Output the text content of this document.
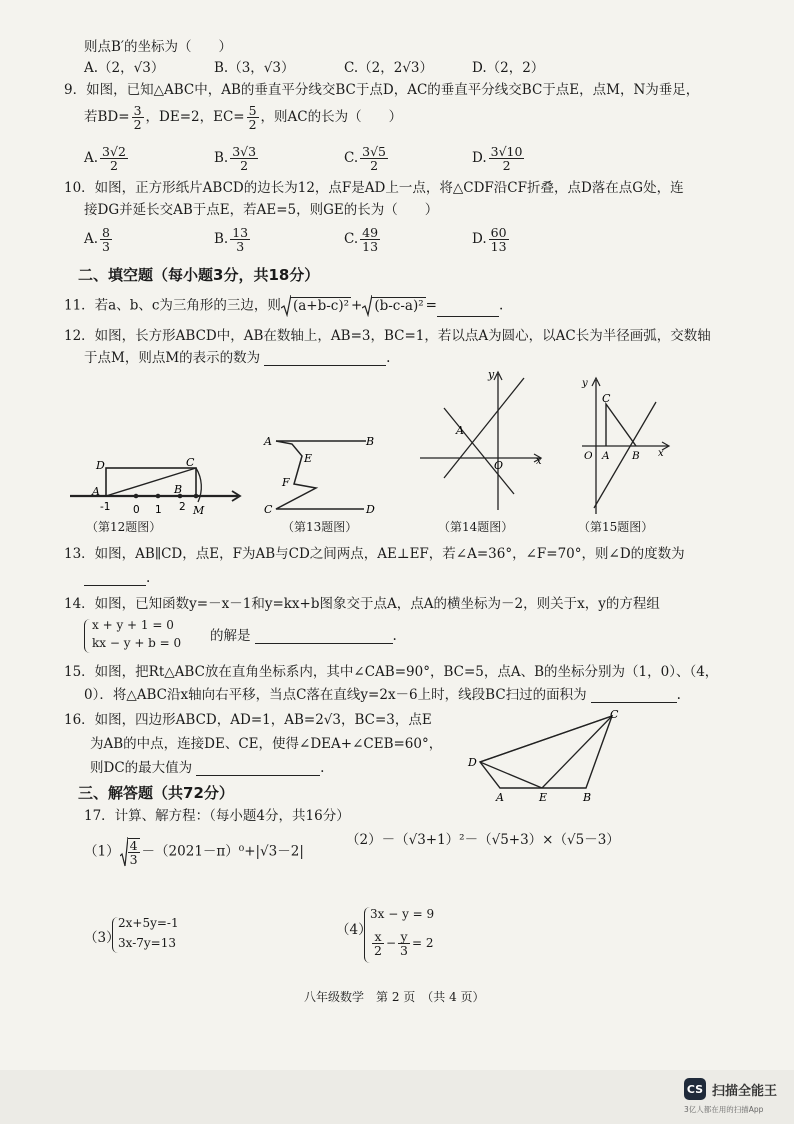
则点B′的坐标为（　　）
A.（2，√3）	B.（3，√3）	C.（2，2√3）	D.（2，2）
9．如图，已知△ABC中，AB的垂直平分线交BC于点D，AC的垂直平分线交BC于点E，点M，N为垂足，
若$BD= \frac{3}{2}$ ，DE=2，$EC= \frac{5}{2}$ ，则AC的长为（　　）
A. $\frac{3√2}{2}$	B. $\frac{3√3}{2}$	C. $\frac{3√5}{2}$	D. $\frac{3√10}{2}$
10．如图，正方形纸片ABCD的边长为12，点F是AD上一点，将△CDF沿CF折叠，点D落在点G处，连
接DG并延长交AB于点E，若AE=5，则GE的长为（　　）
A. $\frac{8}{3}$	B. $\frac{13}{3}$	C. $\frac{49}{13}$	D. $\frac{60}{13}$
二、填空题（每小题3分，共18分）
11．若a、b、c为三角形的三边，则 (a+b-c)² + (b-c-a)² =	.
12．如图，长方形ABCD中，AB在数轴上，AB=3，BC=1，若以点A为圆心，以AC长为半径画弧，交数轴
于点M，则点M的表示的数为	.
D	C
A	B
M
-1 0 1 2
（第12题图）
A	B
E
F
C	D
（第13题图）
y
x
A
O
（第14题图）
y
x
C
O A B
（第15题图）
13．如图，AB∥CD，点E，F为AB与CD之间两点，AE⊥EF，若∠A=36°，∠F=70°，则∠D的度数为
.
14．如图，已知函数y=－x－1和y=kx+b图象交于点A，点A的横坐标为－2，则关于x，y的方程组
x + y + 1 = 0
kx − y + b = 0 的解是	.
15．如图，把Rt△ABC放在直角坐标系内，其中∠CAB=90°，BC=5，点A、B的坐标分别为（1，0）、（4，
0）．将△ABC沿x轴向右平移，当点C落在直线y=2x－6上时，线段BC扫过的面积为	.
16．如图，四边形ABCD，AD=1，AB=2√3，BC=3，点E
为AB的中点，连接DE、CE，使得∠DEA+∠CEB=60°，
则DC的最大值为	.
C
D
A	E	B
三、解答题（共72分）
17．计算、解方程：（每小题4分，共16分）
$(1) \frac{4}{3} -(2021-\pi)^0+|√3-2|$
（2）－（√3+1）²－（√5+3）×（√5－3）
（3）
2x+5y=-1
3x-7y=13
（4）
3x − y = 9
$\frac{x}{2} - \frac{y}{3} = 2$
八年级数学　第 2 页　（共 4 页）
CS 扫描全能王
3亿人都在用的扫描App
